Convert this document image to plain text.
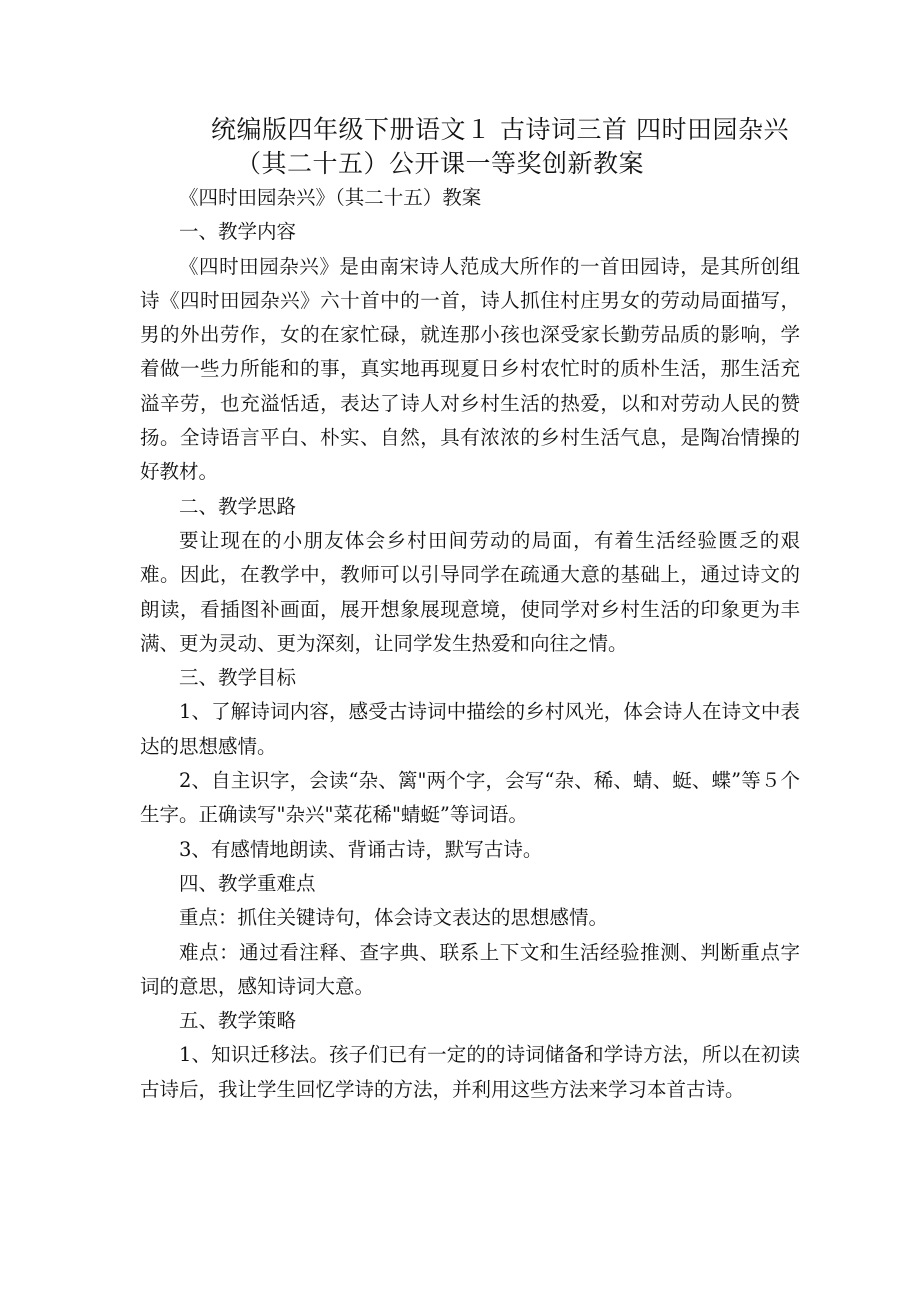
统编版四年级下册语文１ 古诗词三首 四时田园杂兴
（其二十五）公开课一等奖创新教案

《四时田园杂兴》（其二十五）教案

一、教学内容

《四时田园杂兴》是由南宋诗人范成大所作的一首田园诗，是其所创组诗《四时田园杂兴》六十首中的一首，诗人抓住村庄男女的劳动局面描写，男的外出劳作，女的在家忙碌，就连那小孩也深受家长勤劳品质的影响，学着做一些力所能和的事，真实地再现夏日乡村农忙时的质朴生活，那生活充溢辛劳，也充溢恬适，表达了诗人对乡村生活的热爱，以和对劳动人民的赞扬。全诗语言平白、朴实、自然，具有浓浓的乡村生活气息，是陶冶情操的好教材。

二、教学思路

要让现在的小朋友体会乡村田间劳动的局面，有着生活经验匮乏的艰难。因此，在教学中，教师可以引导同学在疏通大意的基础上，通过诗文的朗读，看插图补画面，展开想象展现意境，使同学对乡村生活的印象更为丰满、更为灵动、更为深刻，让同学发生热爱和向往之情。

三、教学目标

1、了解诗词内容，感受古诗词中描绘的乡村风光，体会诗人在诗文中表达的思想感情。

2、自主识字，会读“杂、篱"两个字，会写“杂、稀、蜻、蜓、蝶”等５个生字。正确读写"杂兴"菜花稀"蜻蜓”等词语。

3、有感情地朗读、背诵古诗，默写古诗。

四、教学重难点

重点：抓住关键诗句，体会诗文表达的思想感情。

难点：通过看注释、查字典、联系上下文和生活经验推测、判断重点字词的意思，感知诗词大意。

五、教学策略

1、知识迁移法。孩子们已有一定的的诗词储备和学诗方法，所以在初读古诗后，我让学生回忆学诗的方法，并利用这些方法来学习本首古诗。
